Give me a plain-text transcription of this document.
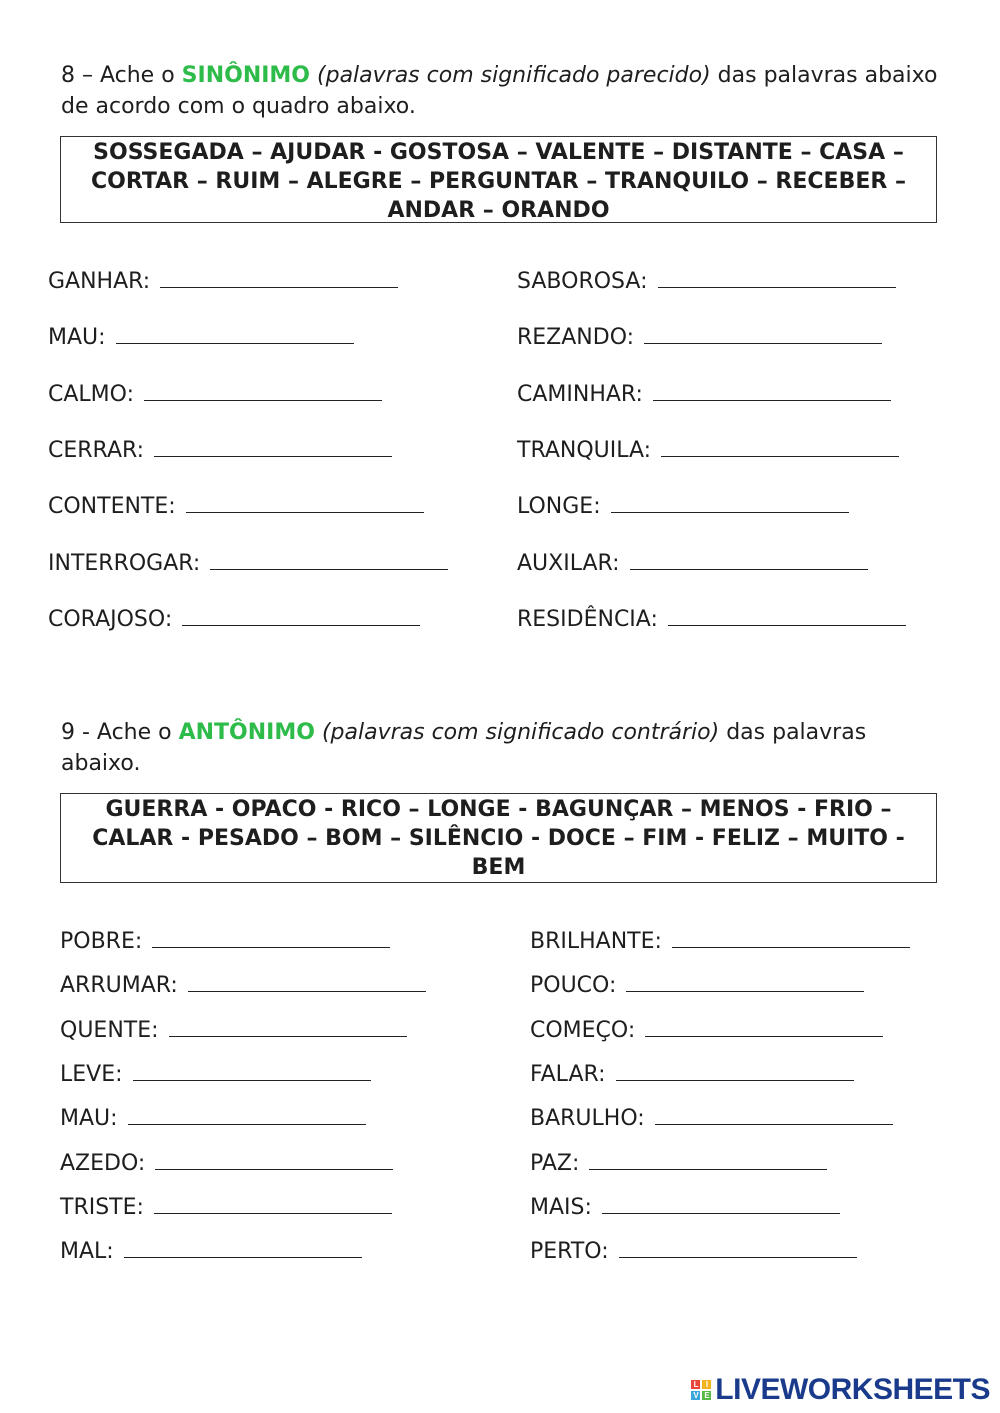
8 – Ache o SINÔNIMO (palavras com significado parecido) das palavras abaixo de acordo com o quadro abaixo.
SOSSEGADA – AJUDAR - GOSTOSA – VALENTE – DISTANTE – CASA – CORTAR – RUIM – ALEGRE – PERGUNTAR – TRANQUILO – RECEBER – ANDAR – ORANDO
GANHAR:
MAU:
CALMO:
CERRAR:
CONTENTE:
INTERROGAR:
CORAJOSO:
SABOROSA:
REZANDO:
CAMINHAR:
TRANQUILA:
LONGE:
AUXILAR:
RESIDÊNCIA:
9 - Ache o ANTÔNIMO (palavras com significado contrário) das palavras abaixo.
GUERRA - OPACO - RICO – LONGE - BAGUNÇAR – MENOS - FRIO – CALAR - PESADO – BOM – SILÊNCIO - DOCE – FIM - FELIZ – MUITO - BEM
POBRE:
ARRUMAR:
QUENTE:
LEVE:
MAU:
AZEDO:
TRISTE:
MAL:
BRILHANTE:
POUCO:
COMEÇO:
FALAR:
BARULHO:
PAZ:
MAIS:
PERTO:
L I
V E LIVEWORKSHEETS
